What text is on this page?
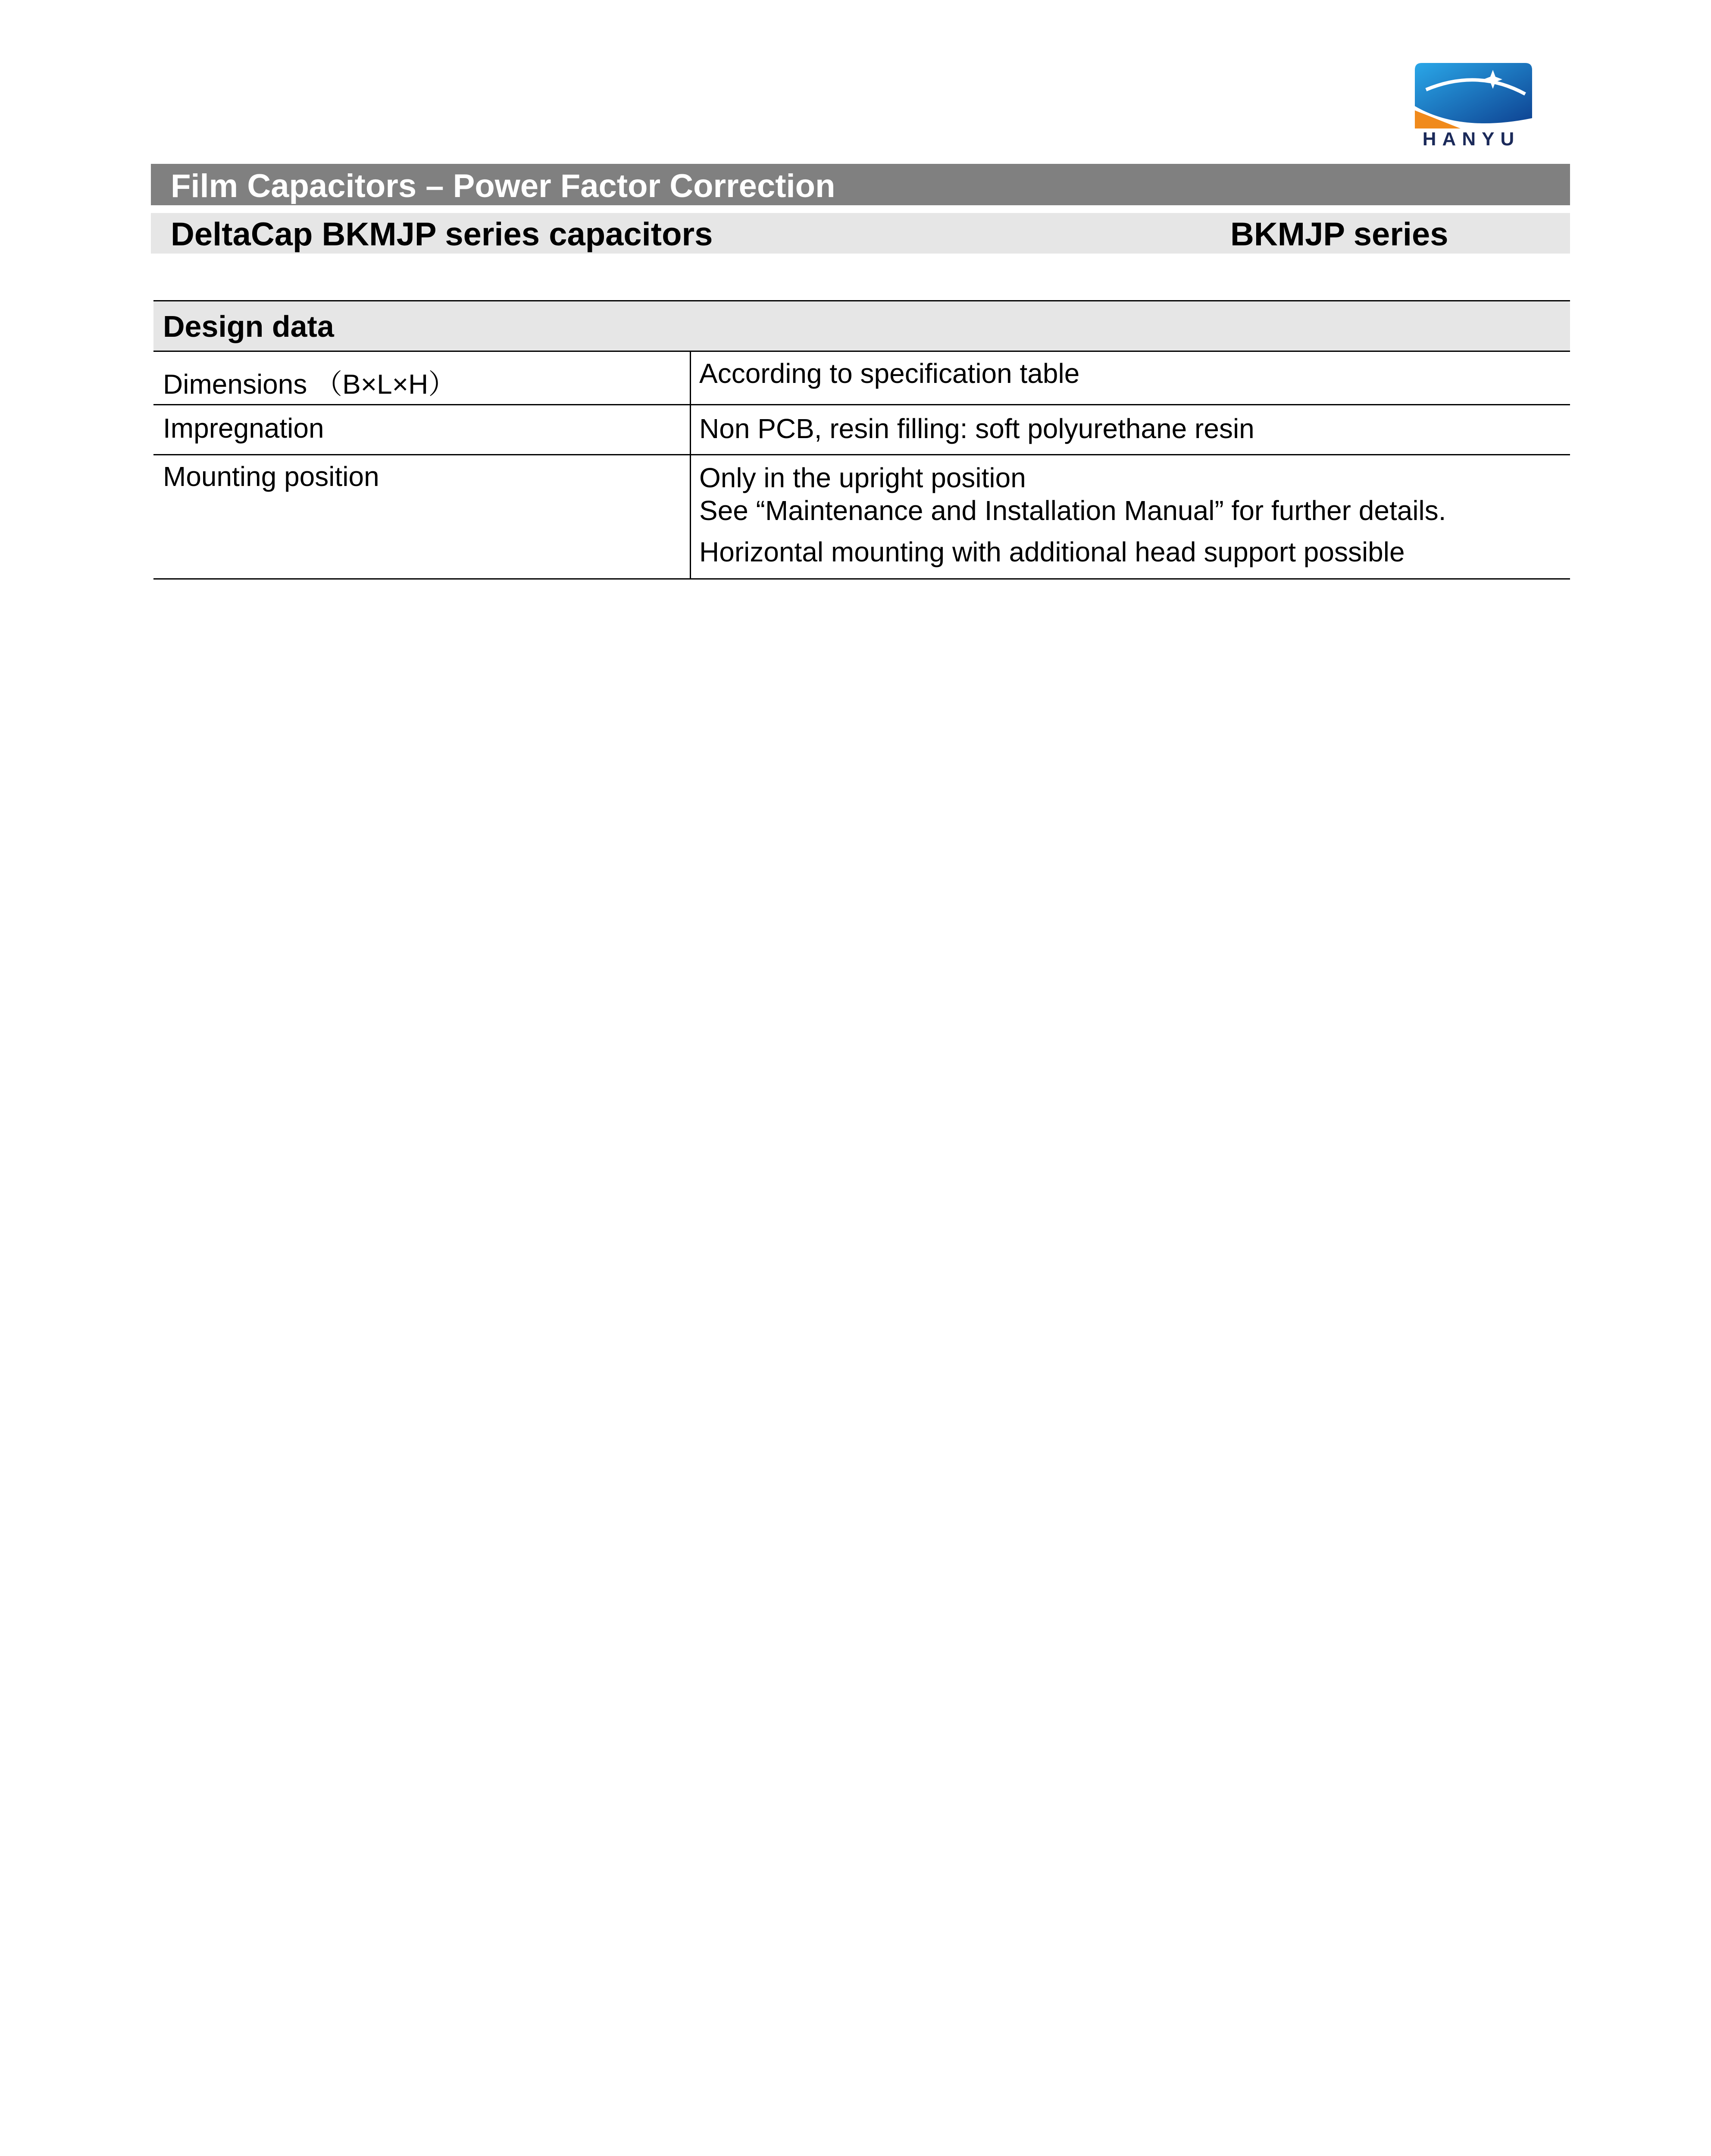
HANYU
Film Capacitors – Power Factor Correction
DeltaCap BKMJP series capacitors	BKMJP series
Design data
Dimensions （B×L×H）	According to specification table
Impregnation	Non PCB, resin filling: soft polyurethane resin
Mounting position	Only in the upright position
See “Maintenance and Installation Manual” for further details.
Horizontal mounting with additional head support possible
